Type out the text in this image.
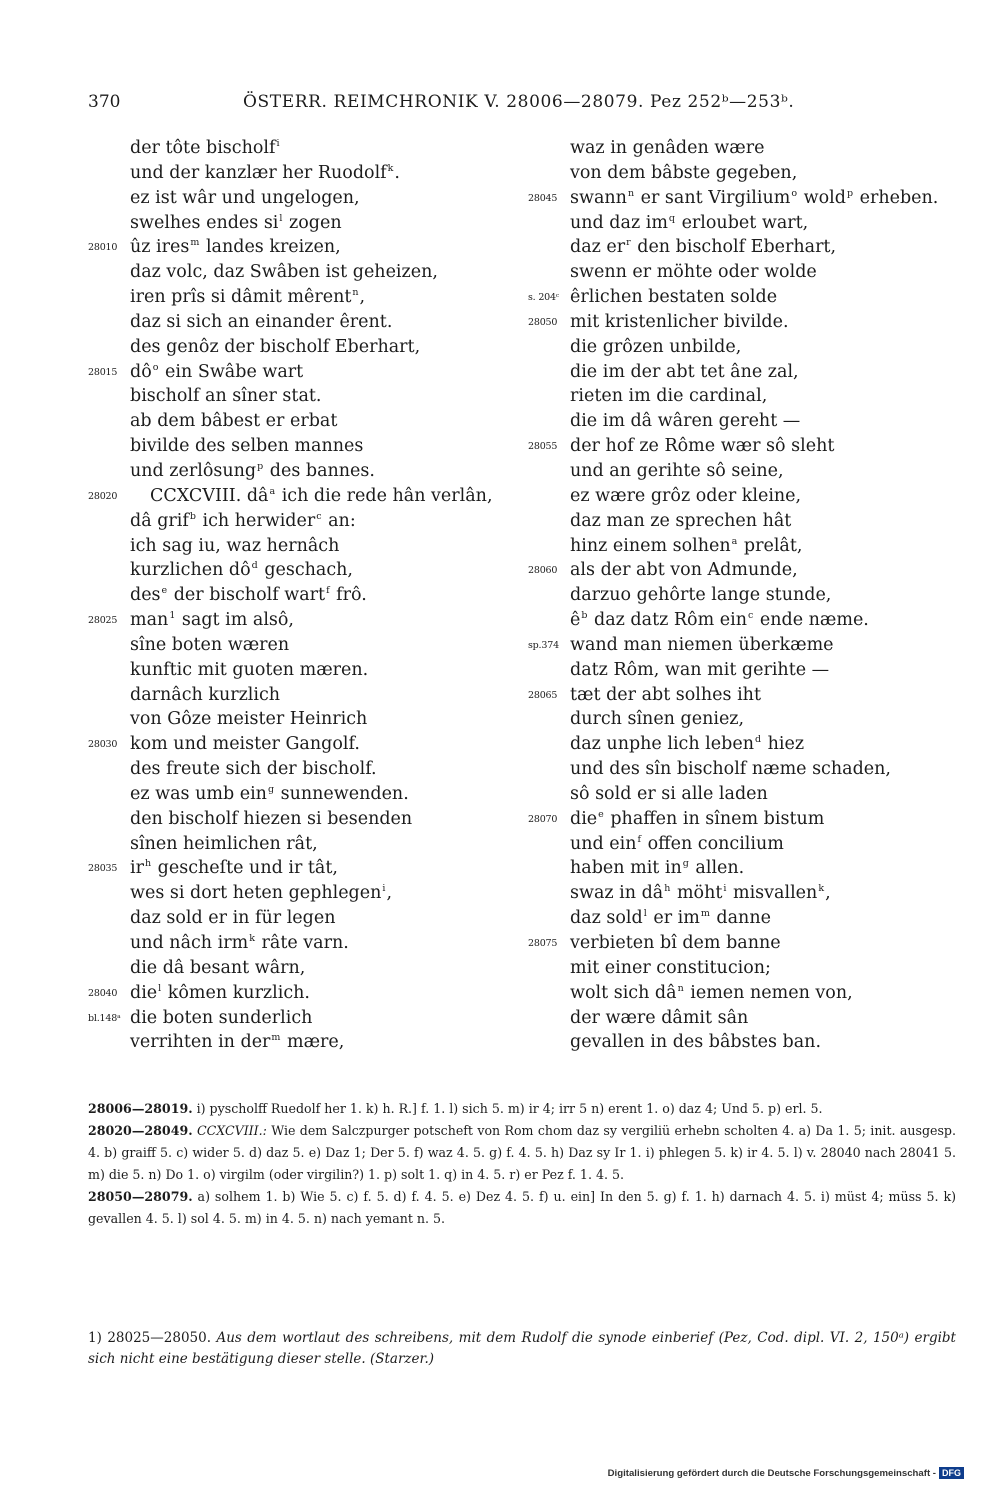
370	ÖSTERR. REIMCHRONIK V. 28006—28079. Pez 252ᵇ—253ᵇ.
der tôte bischolf$^i$
und der kanzlær her Ruodolf$^k$.
ez ist wâr und ungelogen,
swelhes endes $si^l$ zogen
28010 ûz ires$^m$ landes kreizen,
daz volc, daz Swâben ist geheizen,
iren prîs si dâmit mêrent$^n$,
daz si sich an einander êrent.
des genôz der bischolf Eberhart,
28015 $dô^o$ ein Swâbe wart
bischolf an sîner stat.
ab dem bâbest er erbat
bivilde des selben mannes
und zerlôsung$^p$ des bannes.
28020 CCXCVIII. $dâ^a$ ich die rede hân verlân,
dâ grif$^b$ ich herwider$^c$ an:
ich sag iu, waz hernâch
kurzlichen $dô^d$ geschach,
des$^e$ der bischolf wart$^f$ frô.
28025 man$^1$ sagt im alsô,
sîne boten wæren
kunftic mit guoten mæren.
darnâch kurzlich
von Gôze meister Heinrich
28030 kom und meister Gangolf.
des freute sich der bischolf.
ez was umb ein$^g$ sunnewenden.
den bischolf hiezen si besenden
sînen heimlichen rât,
28035 $ir^h$ gescheſte und ir tât,
wes si dort heten gephlegen$^i$,
daz sold er in für legen
und nâch irm$^k$ râte varn.
die dâ besant wârn,
28040 die$^l$ kômen kurzlich.
bl.148ᵃ die boten sunderlich
verrihten in der$^m$ mære,
waz in genâden wære
von dem bâbste gegeben,
28045 swann$^n$ er sant Virgilium$^o$ wold$^p$ erheben.
und daz $im^q$ erloubet wart,
daz $er^r$ den bischolf Eberhart,
swenn er möhte oder wolde
s. 204ᶜ êrlichen bestaten solde
28050 mit kristenlicher bivilde.
die grôzen unbilde,
die im der abt tet âne zal,
rieten im die cardinal,
die im dâ wâren gereht —
28055 der hof ze Rôme wær sô sleht
und an gerihte sô seine,
ez wære grôz oder kleine,
daz man ze sprechen hât
hinz einem solhen$^a$ prelât,
28060 als der abt von Admunde,
darzuo gehôrte lange stunde,
$ê^b$ daz datz Rôm ein$^c$ ende næme.
sp.374 wand man niemen überkæme
datz Rôm, wan mit gerihte —
28065 tæt der abt solhes iht
durch sînen geniez,
daz unphe lich leben$^d$ hiez
und des sîn bischolf næme schaden,
sô sold er si alle laden
28070 die$^e$ phaffen in sînem bistum
und ein$^f$ offen concilium
haben mit $in^g$ allen.
swaz in $dâ^h$ möht$^i$ misvallen$^k$,
daz sold$^l$ er $im^m$ danne
28075 verbieten bî dem banne
mit einer constitucion;
wolt sich $dâ^n$ iemen nemen von,
der wære dâmit sân
gevallen in des bâbstes ban.
28006—28019. i) pyscholff Ruedolf her 1. k) h. R.] f. 1. l) sich 5. m) ir 4; irr 5 n) erent 1. o) daz 4; Und 5. p) erl. 5.
28020—28049. CCXCVIII.: Wie dem Salczpurger potscheft von Rom chom daz sy vergiliü erhebn scholten 4. a) Da 1. 5; init. ausgesp. 4. b) graiff 5. c) wider 5. d) daz 5. e) Daz 1; Der 5. f) waz 4. 5. g) f. 4. 5. h) Daz sy Ir 1. i) phlegen 5. k) ir 4. 5. l) v. 28040 nach 28041 5. m) die 5. n) Do 1. o) virgilm (oder virgilin?) 1. p) solt 1. q) in 4. 5. r) er Pez f. 1. 4. 5.
28050—28079. a) solhem 1. b) Wie 5. c) f. 5. d) f. 4. 5. e) Dez 4. 5. f) u. ein] In den 5. g) f. 1. h) darnach 4. 5. i) müst 4; müss 5. k) gevallen 4. 5. l) sol 4. 5. m) in 4. 5. n) nach yemant n. 5.
1) 28025—28050. Aus dem wortlaut des schreibens, mit dem Rudolf die synode einberief (Pez, Cod. dipl. VI. 2, 150ᵃ) ergibt sich nicht eine bestätigung dieser stelle. (Starzer.)
Digitalisierung gefördert durch die Deutsche Forschungsgemeinschaft - DFG
